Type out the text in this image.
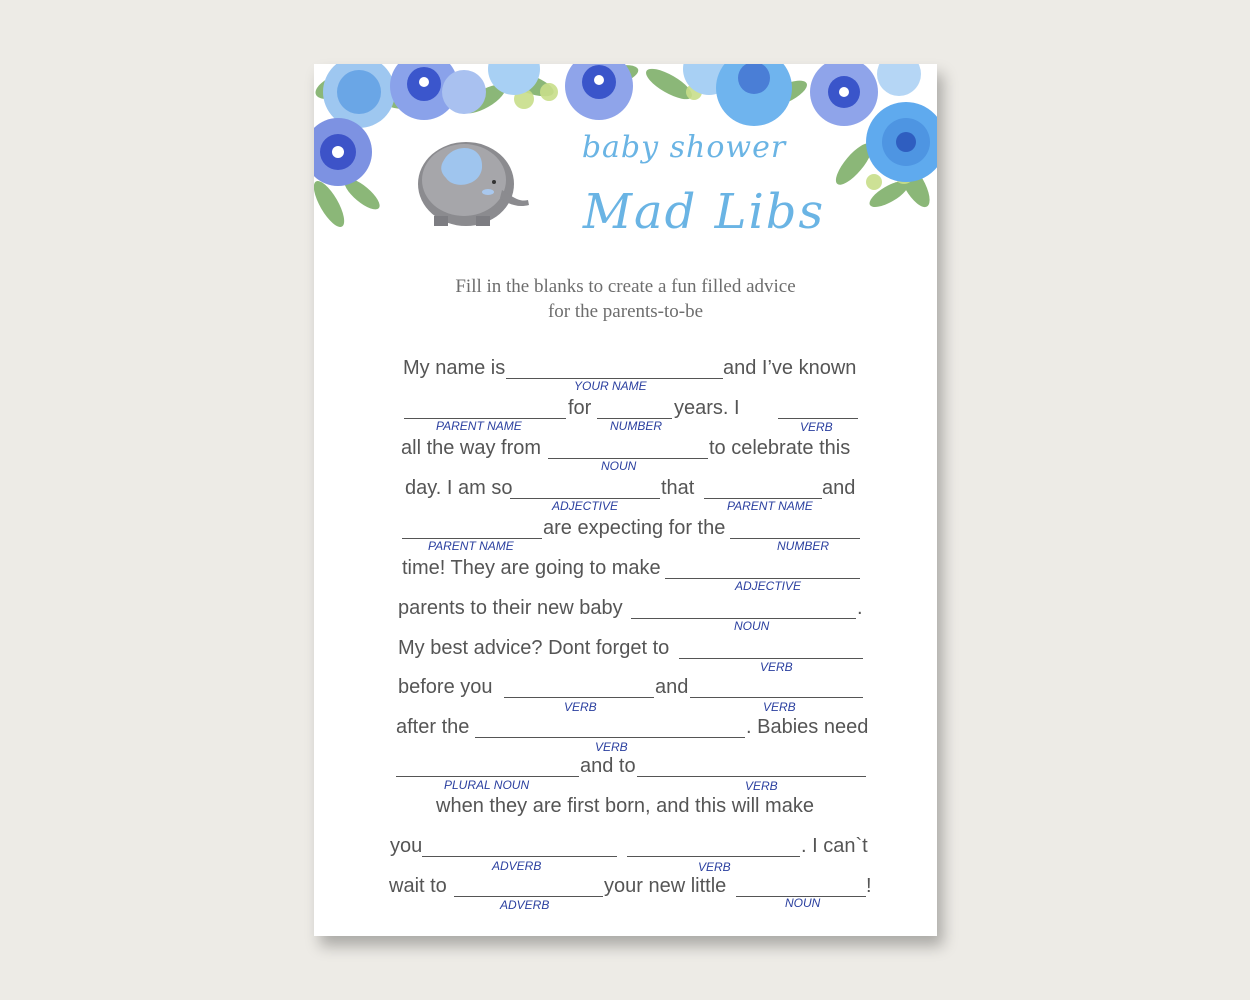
baby shower
Mad Libs
Fill in the blanks to create a fun filled advice
for the parents-to-be
My name is
YOUR NAME
and I’ve known
PARENT NAME
for
NUMBER
years. I
VERB
all the way from
NOUN
to celebrate this
day. I am so
ADJECTIVE
that
PARENT NAME
and
PARENT NAME
are expecting for the
NUMBER
time! They are going to make
ADJECTIVE
parents to their new baby
NOUN
.
My best advice? Dont forget to
VERB
before you
VERB
and
VERB
after the
VERB
. Babies need
PLURAL NOUN
and to
VERB
when they are first born, and this will make
you
ADVERB	VERB
. I can`t
wait to
ADVERB
your new little
NOUN
!
